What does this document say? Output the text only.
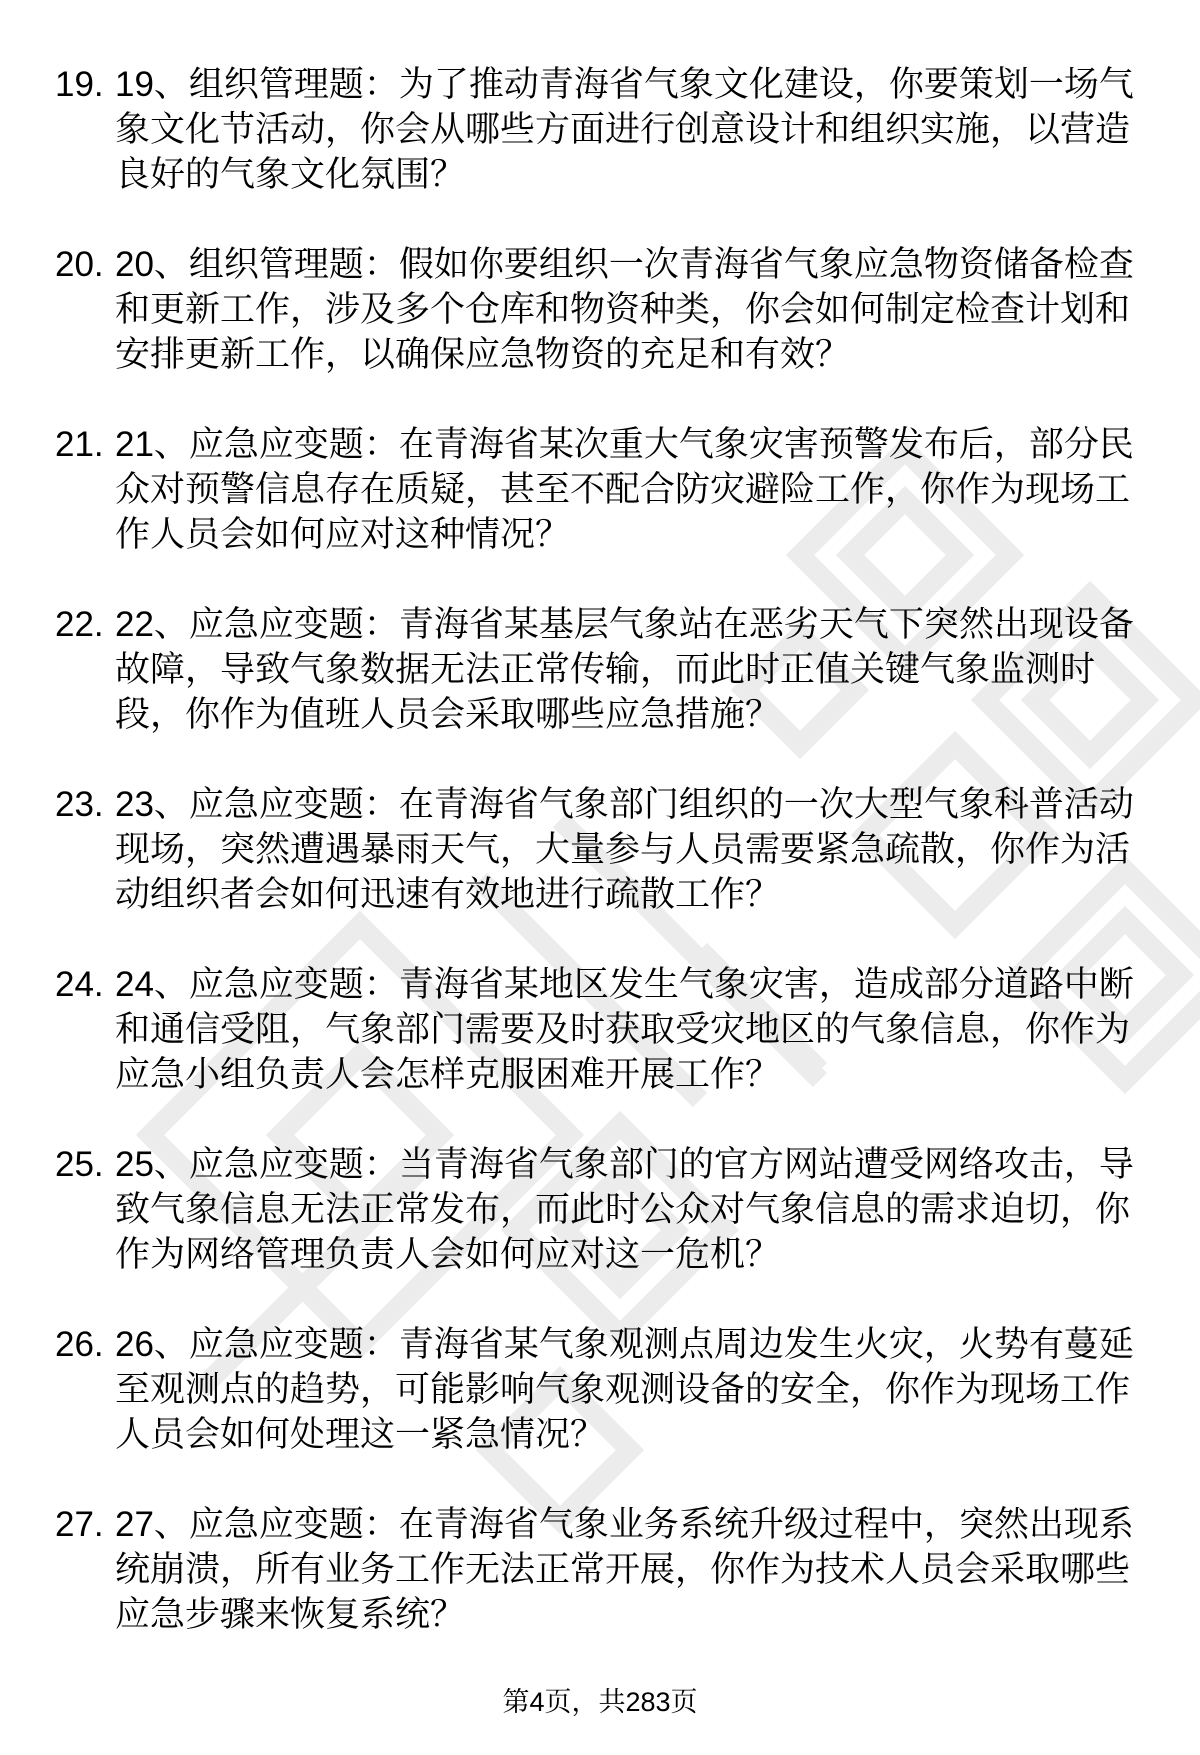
19. 19、组织管理题：为了推动青海省气象文化建设，你要策划一场气象文化节活动，你会从哪些方面进行创意设计和组织实施，以营造良好的气象文化氛围？

20. 20、组织管理题：假如你要组织一次青海省气象应急物资储备检查和更新工作，涉及多个仓库和物资种类，你会如何制定检查计划和安排更新工作，以确保应急物资的充足和有效？

21. 21、应急应变题：在青海省某次重大气象灾害预警发布后，部分民众对预警信息存在质疑，甚至不配合防灾避险工作，你作为现场工作人员会如何应对这种情况？

22. 22、应急应变题：青海省某基层气象站在恶劣天气下突然出现设备故障，导致气象数据无法正常传输，而此时正值关键气象监测时段，你作为值班人员会采取哪些应急措施？

23. 23、应急应变题：在青海省气象部门组织的一次大型气象科普活动现场，突然遭遇暴雨天气，大量参与人员需要紧急疏散，你作为活动组织者会如何迅速有效地进行疏散工作？

24. 24、应急应变题：青海省某地区发生气象灾害，造成部分道路中断和通信受阻，气象部门需要及时获取受灾地区的气象信息，你作为应急小组负责人会怎样克服困难开展工作？

25. 25、应急应变题：当青海省气象部门的官方网站遭受网络攻击，导致气象信息无法正常发布，而此时公众对气象信息的需求迫切，你作为网络管理负责人会如何应对这一危机？

26. 26、应急应变题：青海省某气象观测点周边发生火灾，火势有蔓延至观测点的趋势，可能影响气象观测设备的安全，你作为现场工作人员会如何处理这一紧急情况？

27. 27、应急应变题：在青海省气象业务系统升级过程中，突然出现系统崩溃，所有业务工作无法正常开展，你作为技术人员会采取哪些应急步骤来恢复系统？

第4页，共283页
